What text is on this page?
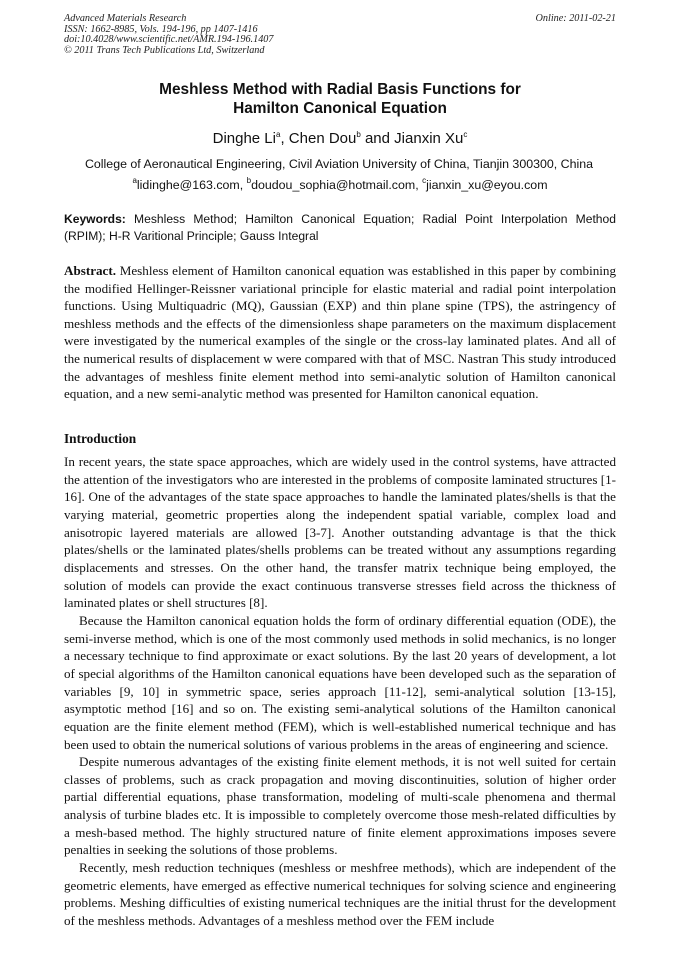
Advanced Materials Research
ISSN: 1662-8985, Vols. 194-196, pp 1407-1416
doi:10.4028/www.scientific.net/AMR.194-196.1407
© 2011 Trans Tech Publications Ltd, Switzerland
Online: 2011-02-21
Meshless Method with Radial Basis Functions for
Hamilton Canonical Equation
Dinghe Li$^a$, Chen Dou$^b$ and Jianxin Xu$^c$
College of Aeronautical Engineering, Civil Aviation University of China, Tianjin 300300, China
$^a$lidinghe@163.com, $^b$doudou_sophia@hotmail.com, $^c$jianxin_xu@eyou.com
Keywords: Meshless Method; Hamilton Canonical Equation; Radial Point Interpolation Method (RPIM); H-R Varitional Principle; Gauss Integral
Abstract. Meshless element of Hamilton canonical equation was established in this paper by combining the modified Hellinger-Reissner variational principle for elastic material and radial point interpolation functions. Using Multiquadric (MQ), Gaussian (EXP) and thin plane spine (TPS), the astringency of meshless methods and the effects of the dimensionless shape parameters on the maximum displacement were investigated by the numerical examples of the single or the cross-lay laminated plates. And all of the numerical results of displacement w were compared with that of MSC. Nastran This study introduced the advantages of meshless finite element method into semi-analytic solution of Hamilton canonical equation, and a new semi-analytic method was presented for Hamilton canonical equation.
Introduction

In recent years, the state space approaches, which are widely used in the control systems, have attracted the attention of the investigators who are interested in the problems of composite laminated structures [1-16]. One of the advantages of the state space approaches to handle the laminated plates/shells is that the varying material, geometric properties along the independent spatial variable, complex load and anisotropic layered materials are allowed [3-7]. Another outstanding advantage is that the thick plates/shells or the laminated plates/shells problems can be treated without any assumptions regarding displacements and stresses. On the other hand, the transfer matrix technique being employed, the solution of models can provide the exact continuous transverse stresses field across the thickness of laminated plates or shell structures [8].

Because the Hamilton canonical equation holds the form of ordinary differential equation (ODE), the semi-inverse method, which is one of the most commonly used methods in solid mechanics, is no longer a necessary technique to find approximate or exact solutions. By the last 20 years of development, a lot of special algorithms of the Hamilton canonical equations have been developed such as the separation of variables [9, 10] in symmetric space, series approach [11-12], semi-analytical solution [13-15], asymptotic method [16] and so on. The existing semi-analytical solutions of the Hamilton canonical equation are the finite element method (FEM), which is well-established numerical technique and has been used to obtain the numerical solutions of various problems in the areas of engineering and science.

Despite numerous advantages of the existing finite element methods, it is not well suited for certain classes of problems, such as crack propagation and moving discontinuities, solution of higher order partial differential equations, phase transformation, modeling of multi-scale phenomena and thermal analysis of turbine blades etc. It is impossible to completely overcome those mesh-related difficulties by a mesh-based method. The highly structured nature of finite element approximations imposes severe penalties in seeking the solutions of those problems.

Recently, mesh reduction techniques (meshless or meshfree methods), which are independent of the geometric elements, have emerged as effective numerical techniques for solving science and engineering problems. Meshing difficulties of existing numerical techniques are the initial thrust for the development of the meshless methods. Advantages of a meshless method over the FEM include
